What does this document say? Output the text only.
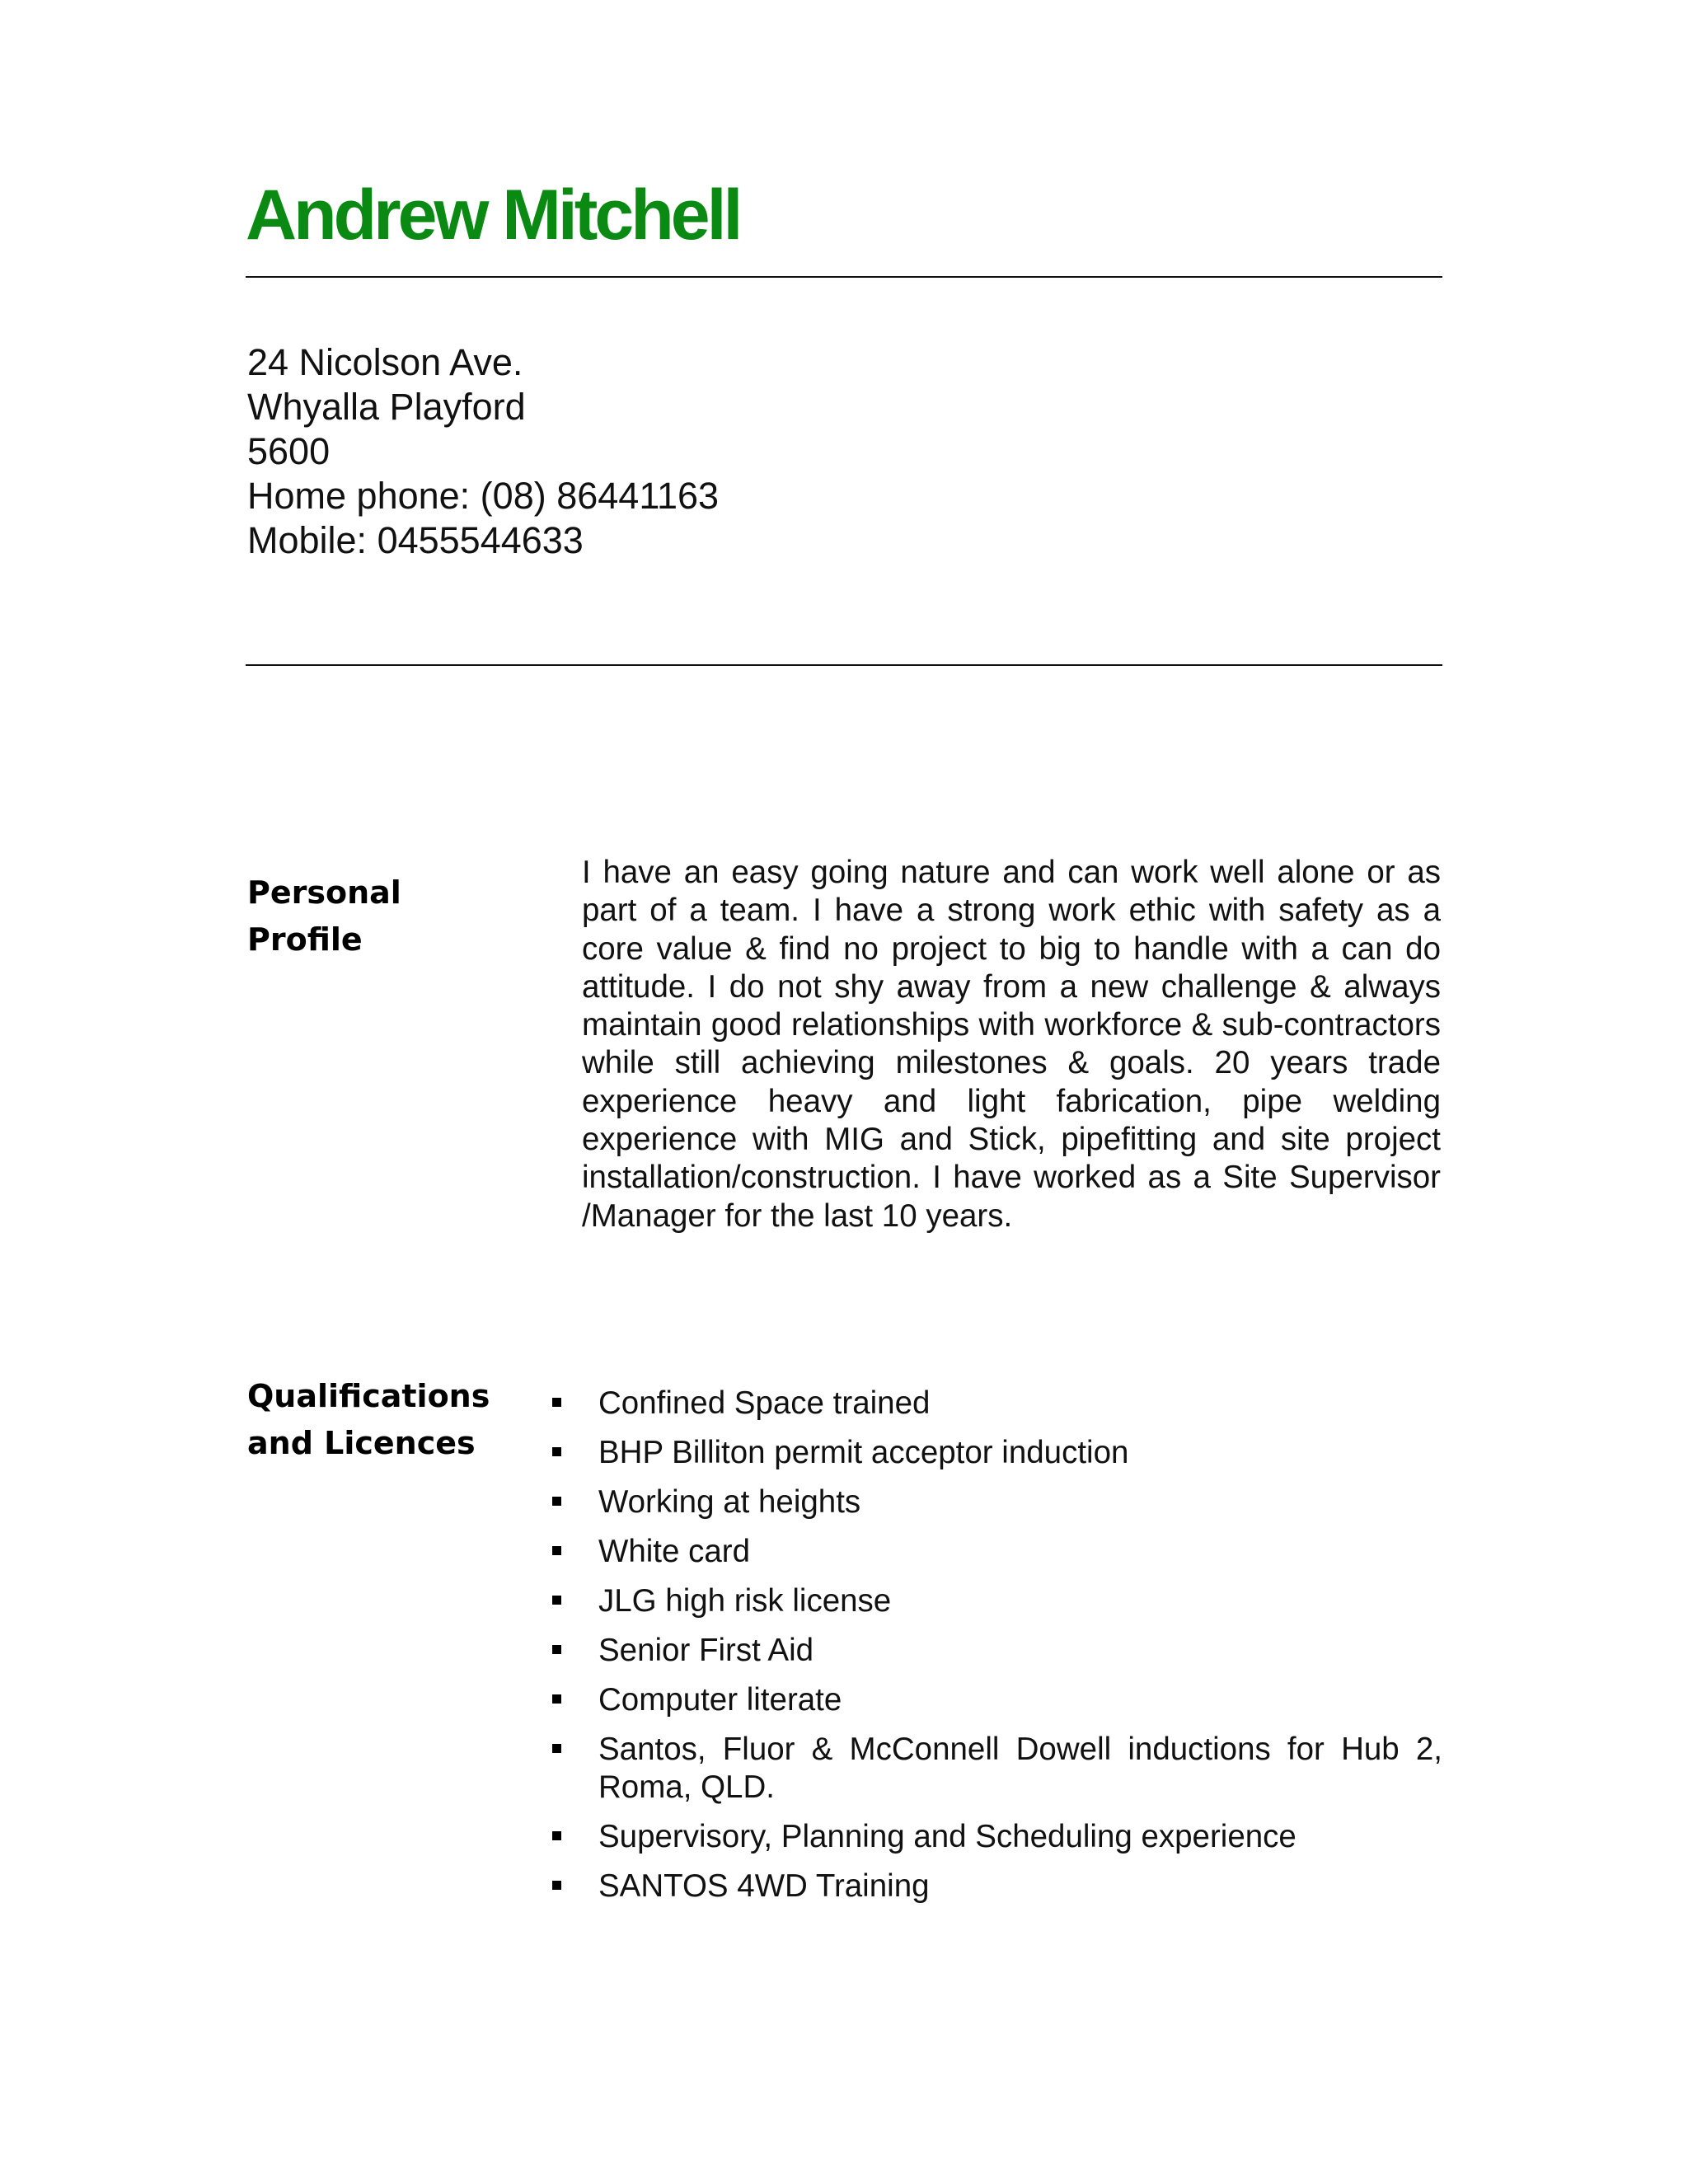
Andrew Mitchell
24 Nicolson Ave.
Whyalla Playford
5600
Home phone: (08) 86441163
Mobile: 0455544633
Personal
Profile
I have an easy going nature and can work well alone or as part of a team. I have a strong work ethic with safety as a core value & find no project to big to handle with a can do attitude. I do not shy away from a new challenge & always maintain good relationships with workforce & sub-contractors while still achieving milestones & goals. 20 years trade experience heavy and light fabrication, pipe welding experience with MIG and Stick, pipefitting and site project installation/construction. I have worked as a Site Supervisor /Manager for the last 10 years.
Qualifications
and Licences
Confined Space trained
BHP Billiton permit acceptor induction
Working at heights
White card
JLG high risk license
Senior First Aid
Computer literate
Santos, Fluor & McConnell Dowell inductions for Hub 2, Roma, QLD.
Supervisory, Planning and Scheduling experience
SANTOS 4WD Training
